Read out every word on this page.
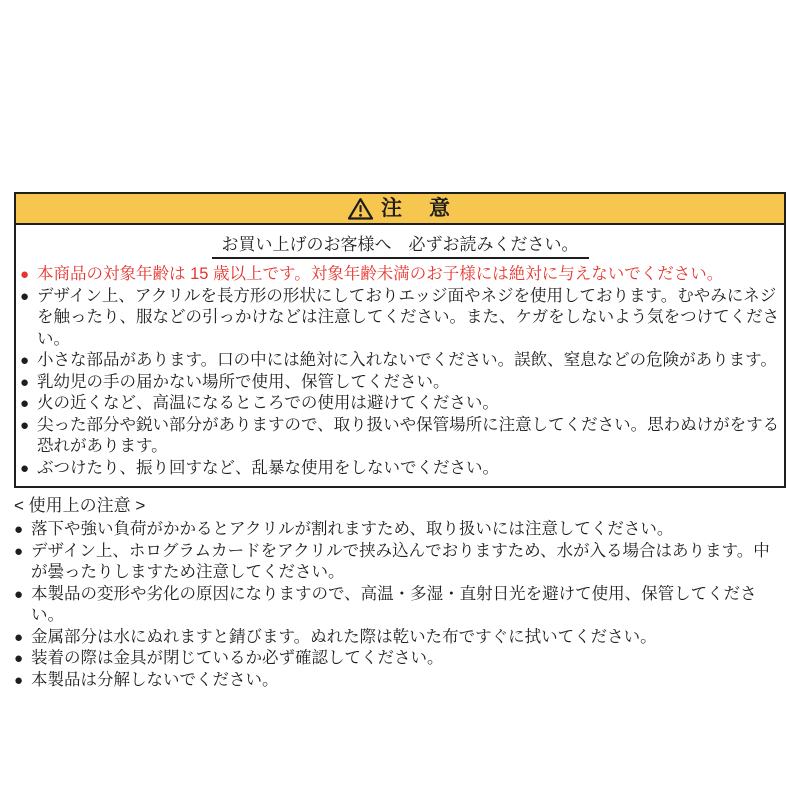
注　意
お買い上げのお客様へ　必ずお読みください。
● 本商品の対象年齢は 15 歳以上です。対象年齢未満のお子様には絶対に与えないでください。
● デザイン上、アクリルを長方形の形状にしておりエッジ面やネジを使用しております。むやみにネジを触ったり、服などの引っかけなどは注意してください。また、ケガをしないよう気をつけてください。
● 小さな部品があります。口の中には絶対に入れないでください。誤飲、窒息などの危険があります。
● 乳幼児の手の届かない場所で使用、保管してください。
● 火の近くなど、高温になるところでの使用は避けてください。
● 尖った部分や鋭い部分がありますので、取り扱いや保管場所に注意してください。思わぬけがをする恐れがあります。
● ぶつけたり、振り回すなど、乱暴な使用をしないでください。
< 使用上の注意 >
● 落下や強い負荷がかかるとアクリルが割れますため、取り扱いには注意してください。
● デザイン上、ホログラムカードをアクリルで挟み込んでおりますため、水が入る場合はあります。中が曇ったりしますため注意してください。
● 本製品の変形や劣化の原因になりますので、高温・多湿・直射日光を避けて使用、保管してください。
● 金属部分は水にぬれますと錆びます。ぬれた際は乾いた布ですぐに拭いてください。
● 装着の際は金具が閉じているか必ず確認してください。
● 本製品は分解しないでください。
